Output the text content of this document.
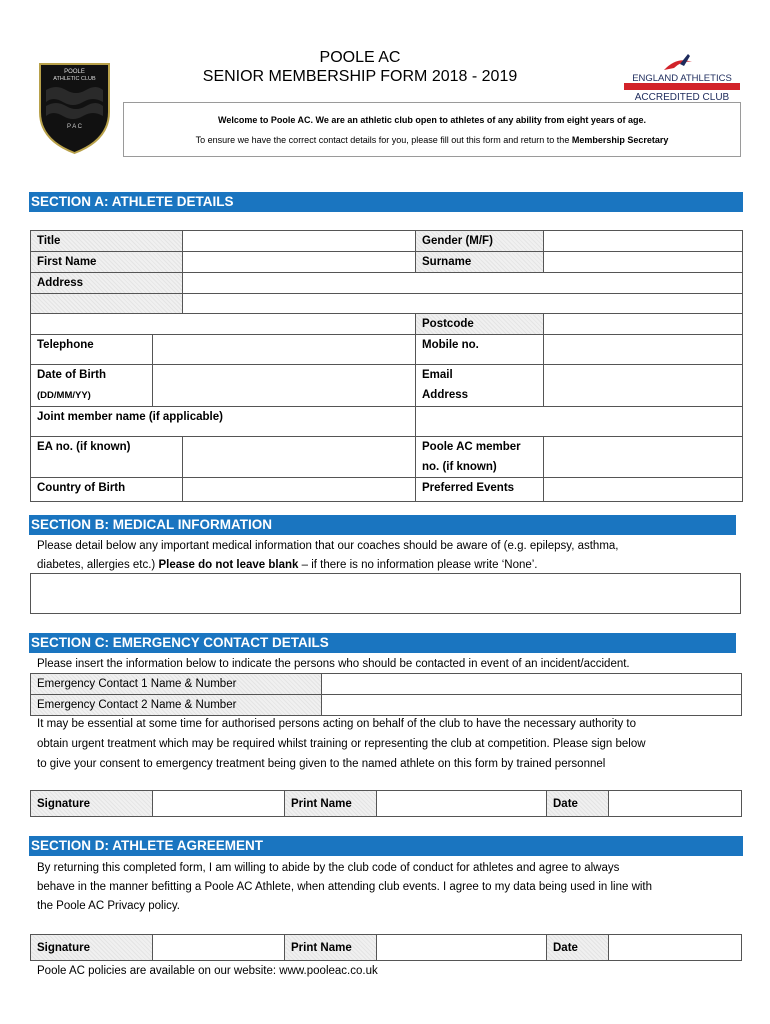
POOLE
ATHLETIC CLUB
P A C
POOLE AC
SENIOR MEMBERSHIP FORM 2018 - 2019	ENGLAND ATHLETICS
ACCREDITED CLUB
Welcome to Poole AC. We are an athletic club open to athletes of any ability from eight years of age.
To ensure we have the correct contact details for you, please fill out this form and return to the Membership Secretary
SECTION A: ATHLETE DETAILS
Title			Gender (M/F)	
First Name			Surname	
Address				

			Postcode	
Telephone			Mobile no.	
Date of Birth
(DD/MM/YY)			Email
Address	
Joint member name (if applicable)				
EA no. (if known)			Poole AC member
no. (if known)	
Country of Birth			Preferred Events	
SECTION B: MEDICAL INFORMATION
Please detail below any important medical information that our coaches should be aware of (e.g. epilepsy, asthma,
diabetes, allergies etc.) Please do not leave blank – if there is no information please write ‘None’.
SECTION C: EMERGENCY CONTACT DETAILS
Please insert the information below to indicate the persons who should be contacted in event of an incident/accident.
Emergency Contact 1 Name & Number	
Emergency Contact 2 Name & Number	
It may be essential at some time for authorised persons acting on behalf of the club to have the necessary authority to
obtain urgent treatment which may be required whilst training or representing the club at competition. Please sign below
to give your consent to emergency treatment being given to the named athlete on this form by trained personnel
Signature		Print Name		Date	
SECTION D: ATHLETE AGREEMENT
By returning this completed form, I am willing to abide by the club code of conduct for athletes and agree to always
behave in the manner befitting a Poole AC Athlete, when attending club events. I agree to my data being used in line with
the Poole AC Privacy policy.
Signature		Print Name		Date	
Poole AC policies are available on our website: www.pooleac.co.uk
